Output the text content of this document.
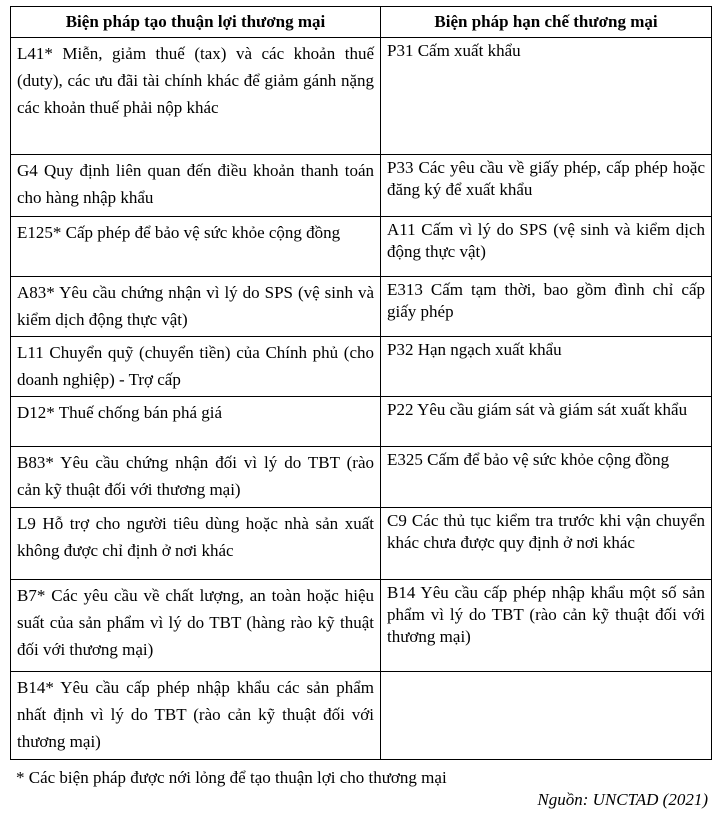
Biện pháp tạo thuận lợi thương mại	Biện pháp hạn chế thương mại
L41* Miễn, giảm thuế (tax) và các khoản thuế (duty), các ưu đãi tài chính khác để giảm gánh nặng các khoản thuế phải nộp khác	P31 Cấm xuất khẩu
G4 Quy định liên quan đến điều khoản thanh toán cho hàng nhập khẩu	P33 Các yêu cầu về giấy phép, cấp phép hoặc đăng ký để xuất khẩu
E125* Cấp phép để bảo vệ sức khỏe cộng đồng	A11 Cấm vì lý do SPS (vệ sinh và kiểm dịch động thực vật)
A83* Yêu cầu chứng nhận vì lý do SPS (vệ sinh và kiểm dịch động thực vật)	E313 Cấm tạm thời, bao gồm đình chỉ cấp giấy phép
L11 Chuyển quỹ (chuyển tiền) của Chính phủ (cho doanh nghiệp) - Trợ cấp	P32 Hạn ngạch xuất khẩu
D12* Thuế chống bán phá giá	P22 Yêu cầu giám sát và giám sát xuất khẩu
B83* Yêu cầu chứng nhận đối vì lý do TBT (rào cản kỹ thuật đối với thương mại)	E325 Cấm để bảo vệ sức khỏe cộng đồng
L9 Hỗ trợ cho người tiêu dùng hoặc nhà sản xuất không được chỉ định ở nơi khác	C9 Các thủ tục kiểm tra trước khi vận chuyển khác chưa được quy định ở nơi khác
B7* Các yêu cầu về chất lượng, an toàn hoặc hiệu suất của sản phẩm vì lý do TBT (hàng rào kỹ thuật đối với thương mại)	B14 Yêu cầu cấp phép nhập khẩu một số sản phẩm vì lý do TBT (rào cản kỹ thuật đối với thương mại)
B14* Yêu cầu cấp phép nhập khẩu các sản phẩm nhất định vì lý do TBT (rào cản kỹ thuật đối với thương mại)	
* Các biện pháp được nới lỏng để tạo thuận lợi cho thương mại
Nguồn: UNCTAD (2021)
